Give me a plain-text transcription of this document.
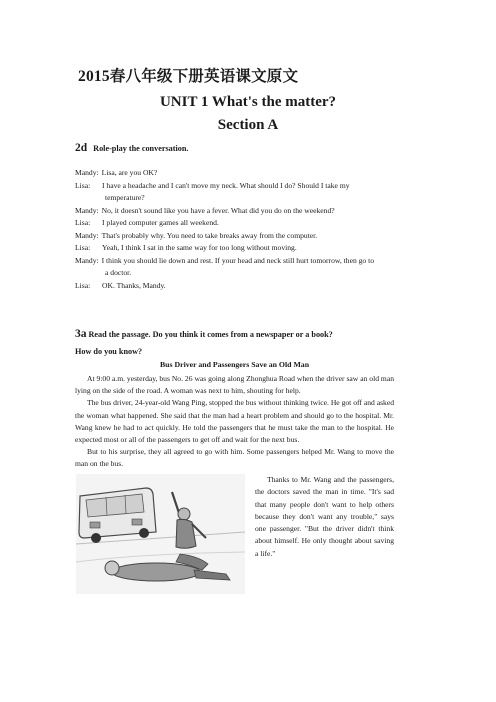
2015春八年级下册英语课文原文
UNIT 1 What's the matter?
Section A
2d Role-play the conversation.
Mandy: Lisa, are you OK?
Lisa:	I have a headache and I can't move my neck. What should I do? Should I take my
temperature?
Mandy: No, it doesn't sound like you have a fever. What did you do on the weekend?
Lisa:	I played computer games all weekend.
Mandy: That's probably why. You need to take breaks away from the computer.
Lisa:	Yeah, I think I sat in the same way for too long without moving.
Mandy: I think you should lie down and rest. If your head and neck still hurt tomorrow, then go to
a doctor.
Lisa:	OK. Thanks, Mandy.
3a Read the passage. Do you think it comes from a newspaper or a book?
How do you know?
Bus Driver and Passengers Save an Old Man
At 9:00 a.m. yesterday, bus No. 26 was going along Zhonghua Road when the driver saw an old man lying on the side of the road. A woman was next to him, shouting for help.
The bus driver, 24-year-old Wang Ping, stopped the bus without thinking twice. He got off and asked the woman what happened. She said that the man had a heart problem and should go to the hospital. Mr. Wang knew he had to act quickly. He told the passengers that he must take the man to the hospital. He expected most or all of the passengers to get off and wait for the next bus.
But to his surprise, they all agreed to go with him. Some passengers helped Mr. Wang to move the man on the bus.
Thanks to Mr. Wang and the passengers, the doctors saved the man in time. "It's sad that many people don't want to help others because they don't want any trouble," says one passenger. "But the driver didn't think about himself. He only thought about saving a life."
